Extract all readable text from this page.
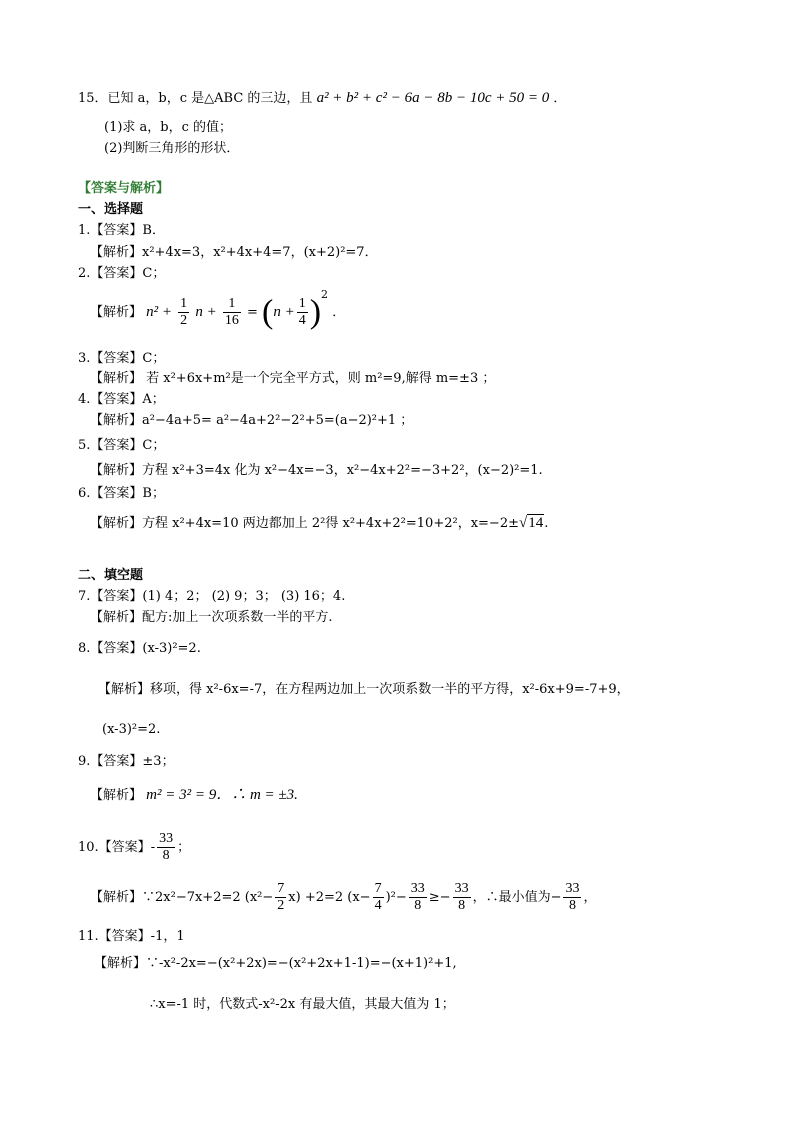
15．已知 a，b，c 是△ABC 的三边，且 a² + b² + c² − 6a − 8b − 10c + 50 = 0 ．
(1)求 a，b，c 的值；
(2)判断三角形的形状．
【答案与解析】
一、选择题
1.【答案】B．
【解析】x²+4x=3，x²+4x+4=7，(x+2)²=7．
2.【答案】C；
【解析】 $n^2 + \frac{1}{2}$ $n + \frac{1}{16} = (n + \frac{1}{4} )^2$ ．
3.【答案】C；
【解析】 若 x²+6x+m²是一个完全平方式，则 m²=9,解得 m=±3 ；
4.【答案】A；
【解析】a²−4a+5= a²−4a+2²−2²+5=(a−2)²+1 ；
5.【答案】C；
【解析】方程 x²+3=4x 化为 x²−4x=−3，x²−4x+2²=−3+2²，(x−2)²=1.
6.【答案】B；
【解析】方程 x²+4x=10 两边都加上 2²得 x²+4x+2²=10+2²，x=−2±√14.
二、填空题
7.【答案】(1) 4；2； (2) 9；3； (3) 16；4.
【解析】配方:加上一次项系数一半的平方.
8.【答案】(x-3)²=2.
【解析】移项，得 x²-6x=-7，在方程两边加上一次项系数一半的平方得，x²-6x+9=-7+9，
(x-3)²=2.
9.【答案】±3；
【解析】 m² = 3² = 9．∴ m = ±3.
10.【答案】- $\frac{33}{8}$ ；
【解析】∵2x²−7x+2=2 $(x^2- \frac{7}{2} x) +2=2$ $(x- \frac{7}{4} )^2- \frac{33}{8} \ge- \frac{33}{8}$ ，∴最小值为− $\frac{33}{8}$ ，
11.【答案】-1，1
【解析】∵-x²-2x=−(x²+2x)=−(x²+2x+1-1)=−(x+1)²+1,
∴x=-1 时，代数式-x²-2x 有最大值，其最大值为 1；
